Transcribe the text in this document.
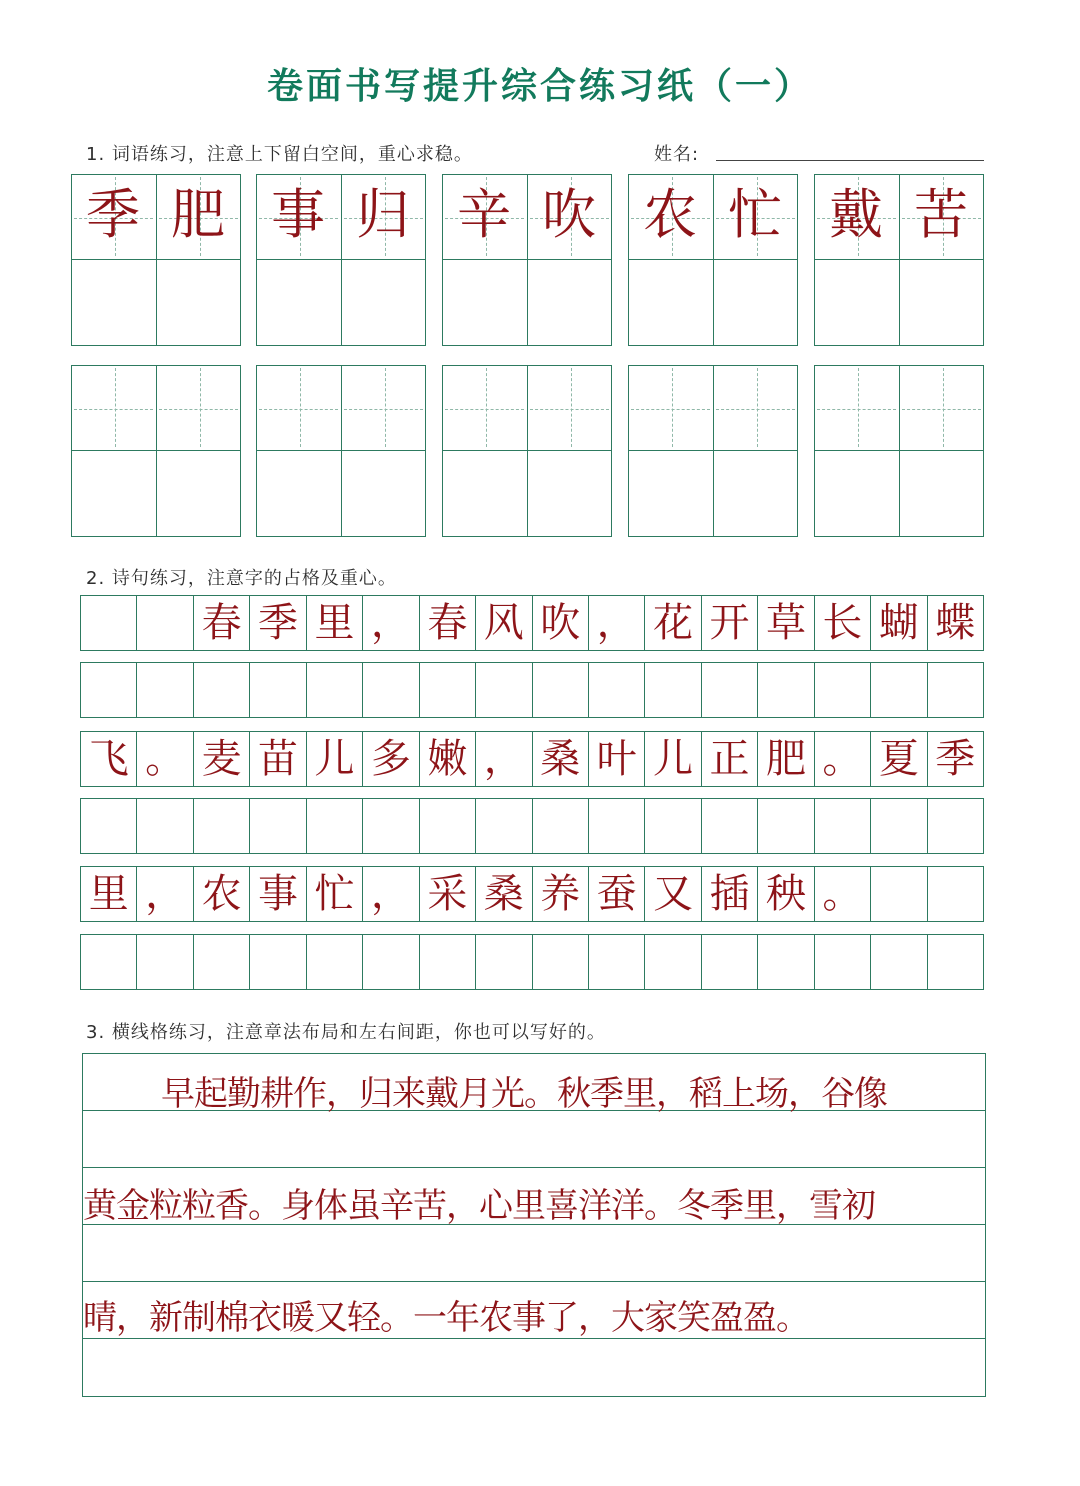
卷面书写提升综合练习纸（一）
1. 词语练习，注意上下留白空间，重心求稳。	姓名:
季 肥 事 归 辛 吹 农 忙 戴 苦
2. 诗句练习，注意字的占格及重心。
春 季 里 ， 春 风 吹 ， 花 开 草 长 蝴 蝶
飞 。 麦 苗 儿 多 嫩 ， 桑 叶 儿 正 肥 。 夏 季
里 ， 农 事 忙 ， 采 桑 养 蚕 又 插 秧 。
3. 横线格练习，注意章法布局和左右间距，你也可以写好的。
早起勤耕作，归来戴月光。秋季里，稻上场，谷像
黄金粒粒香。身体虽辛苦，心里喜洋洋。冬季里，雪初
晴，新制棉衣暖又轻。一年农事了，大家笑盈盈。
